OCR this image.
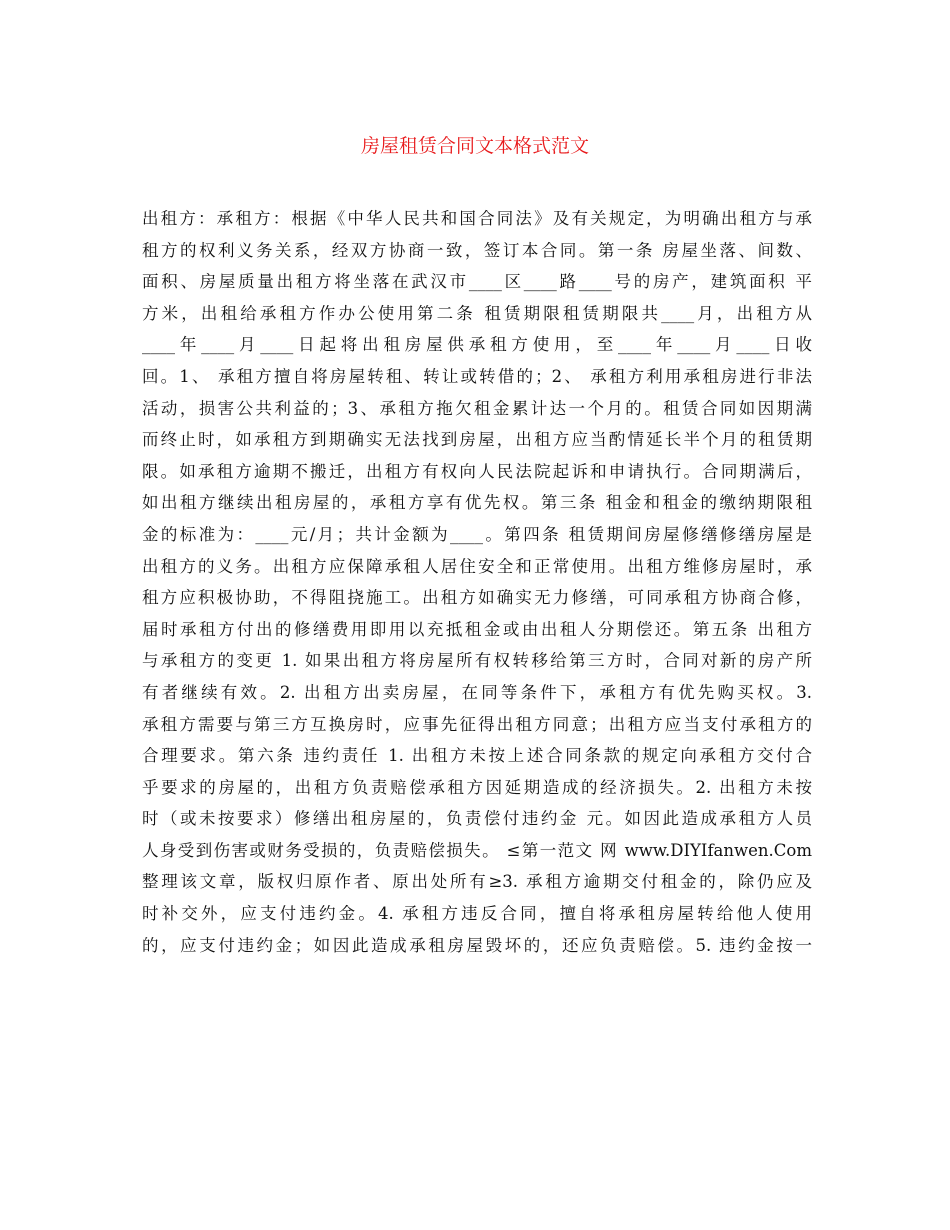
房屋租赁合同文本格式范文
出租方：承租方：根据《中华人民共和国合同法》及有关规定，为明确出租方与承
租方的权利义务关系，经双方协商一致，签订本合同。第一条 房屋坐落、间数、
面积、房屋质量出租方将坐落在武汉市____区____路____号的房产，建筑面积 平
方米，出租给承租方作办公使用第二条 租赁期限租赁期限共____月，出租方从
____年____月____日起将出租房屋供承租方使用，至____年____月____日收
回。1、 承租方擅自将房屋转租、转让或转借的；2、 承租方利用承租房进行非法
活动，损害公共利益的；3、承租方拖欠租金累计达一个月的。租赁合同如因期满
而终止时，如承租方到期确实无法找到房屋，出租方应当酌情延长半个月的租赁期
限。如承租方逾期不搬迁，出租方有权向人民法院起诉和申请执行。合同期满后，
如出租方继续出租房屋的，承租方享有优先权。第三条 租金和租金的缴纳期限租
金的标准为：____元/月；共计金额为____。第四条 租赁期间房屋修缮修缮房屋是
出租方的义务。出租方应保障承租人居住安全和正常使用。出租方维修房屋时，承
租方应积极协助，不得阻挠施工。出租方如确实无力修缮，可同承租方协商合修，
届时承租方付出的修缮费用即用以充抵租金或由出租人分期偿还。第五条 出租方
与承租方的变更 1. 如果出租方将房屋所有权转移给第三方时，合同对新的房产所
有者继续有效。2. 出租方出卖房屋，在同等条件下，承租方有优先购买权。3.
承租方需要与第三方互换房时，应事先征得出租方同意；出租方应当支付承租方的
合理要求。第六条 违约责任 1. 出租方未按上述合同条款的规定向承租方交付合
乎要求的房屋的，出租方负责赔偿承租方因延期造成的经济损失。2. 出租方未按
时（或未按要求）修缮出租房屋的，负责偿付违约金 元。如因此造成承租方人员
人身受到伤害或财务受损的，负责赔偿损失。 ≤第一范文 网 www.DIYIfanwen.Com
整理该文章，版权归原作者、原出处所有≥3. 承租方逾期交付租金的，除仍应及
时补交外，应支付违约金。4. 承租方违反合同，擅自将承租房屋转给他人使用
的，应支付违约金；如因此造成承租房屋毁坏的，还应负责赔偿。5. 违约金按一
